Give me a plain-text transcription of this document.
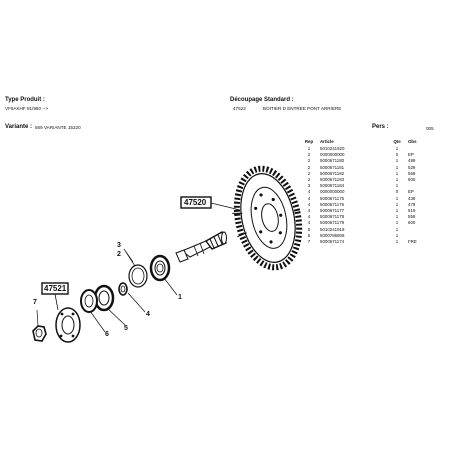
Type Produit :
VF6AKHF 91/960 -->
Variante : 569 VARIANTE 15220
Découpage Standard :
47522	BOITIER D ENTREE PONT ARRIERE
Pers :	005
Rep	Article	Qte	Obs
1	5010241920	1	
2	0000000000	0	EP
2	5000671180	1	499
2	5000671181	1	539
2	5000671182	1	569
2	5000671183	1	600
3	5000671184	1	
4	0000000000	0	EP
4	5000671175	1	439
4	5000671176	1	479
4	5000671177	1	519
4	5000671178	1	559
4	5000671179	1	600
5	5010241918	1	
6	5000786808	1	
7	5000671174	1	FRE
47520
47521
1
2
3
4
5
6
7
